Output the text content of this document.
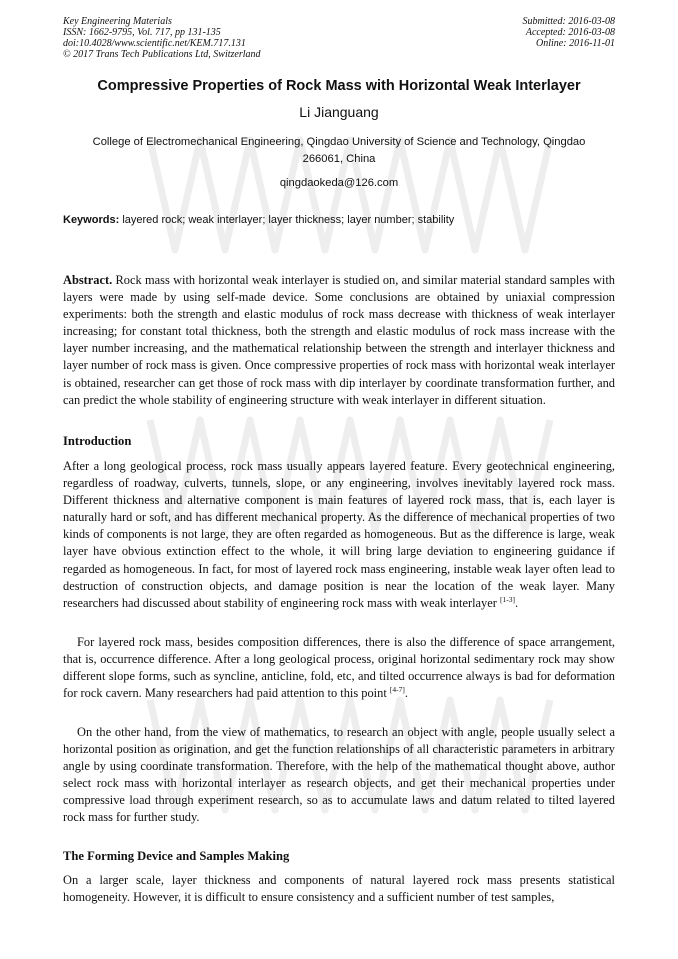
Key Engineering Materials
ISSN: 1662-9795, Vol. 717, pp 131-135
doi:10.4028/www.scientific.net/KEM.717.131
© 2017 Trans Tech Publications Ltd, Switzerland
Submitted: 2016-03-08
Accepted: 2016-03-08
Online: 2016-11-01
Compressive Properties of Rock Mass with Horizontal Weak Interlayer
Li Jianguang
College of Electromechanical Engineering, Qingdao University of Science and Technology, Qingdao
266061, China
qingdaokeda@126.com
Keywords: layered rock; weak interlayer; layer thickness; layer number; stability

Abstract. Rock mass with horizontal weak interlayer is studied on, and similar material standard samples with layers were made by using self-made device. Some conclusions are obtained by uniaxial compression experiments: both the strength and elastic modulus of rock mass decrease with thickness of weak interlayer increasing; for constant total thickness, both the strength and elastic modulus of rock mass increase with the layer number increasing, and the mathematical relationship between the strength and interlayer thickness and layer number of rock mass is given. Once compressive properties of rock mass with horizontal weak interlayer is obtained, researcher can get those of rock mass with dip interlayer by coordinate transformation further, and can predict the whole stability of engineering structure with weak interlayer in different situation.

Introduction

After a long geological process, rock mass usually appears layered feature. Every geotechnical engineering, regardless of roadway, culverts, tunnels, slope, or any engineering, involves inevitably layered rock mass. Different thickness and alternative component is main features of layered rock mass, that is, each layer is naturally hard or soft, and has different mechanical property. As the difference of mechanical properties of two kinds of components is not large, they are often regarded as homogeneous. But as the difference is large, weak layer have obvious extinction effect to the whole, it will bring large deviation to engineering guidance if regarded as homogeneous. In fact, for most of layered rock mass engineering, instable weak layer often lead to destruction of construction objects, and damage position is near the location of the weak layer. Many researchers had discussed about stability of engineering rock mass with weak interlayer [1-3].

For layered rock mass, besides composition differences, there is also the difference of space arrangement, that is, occurrence difference. After a long geological process, original horizontal sedimentary rock may show different slope forms, such as syncline, anticline, fold, etc, and tilted occurrence always is bad for deformation for rock cavern. Many researchers had paid attention to this point [4-7].

On the other hand, from the view of mathematics, to research an object with angle, people usually select a horizontal position as origination, and get the function relationships of all characteristic parameters in arbitrary angle by using coordinate transformation. Therefore, with the help of the mathematical thought above, author select rock mass with horizontal interlayer as research objects, and get their mechanical properties under compressive load through experiment research, so as to accumulate laws and datum related to tilted layered rock mass for further study.

The Forming Device and Samples Making

On a larger scale, layer thickness and components of natural layered rock mass presents statistical homogeneity. However, it is difficult to ensure consistency and a sufficient number of test samples,
